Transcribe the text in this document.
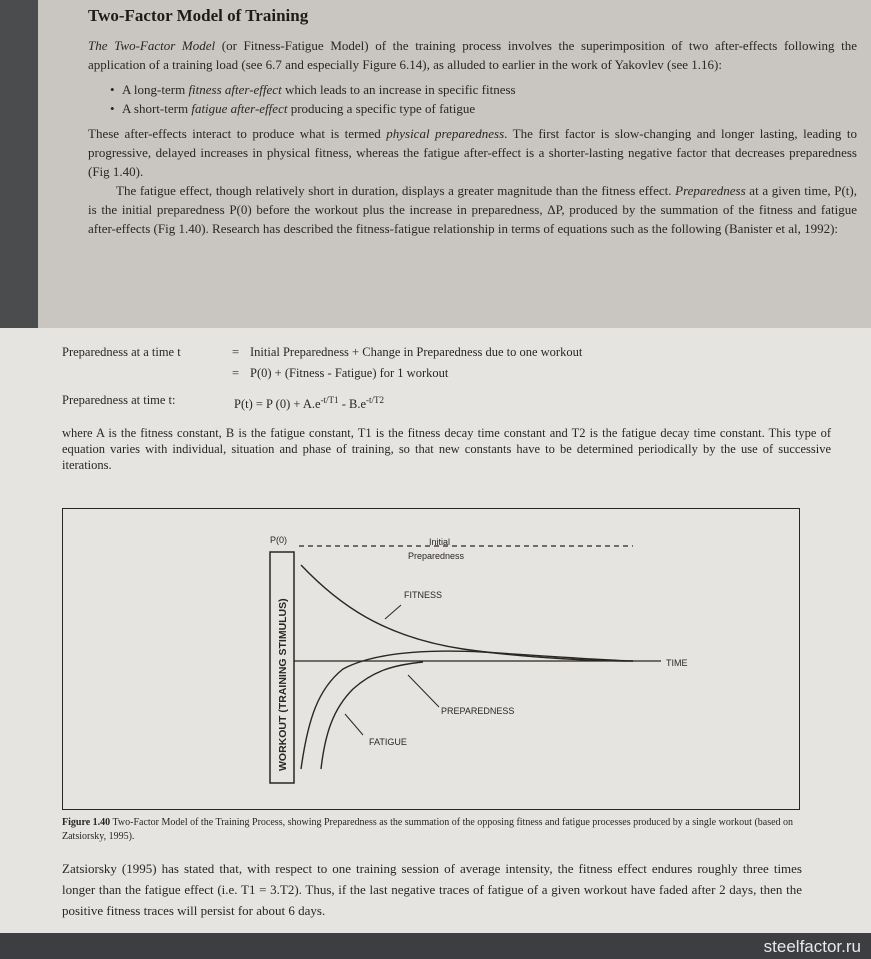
Two-Factor Model of Training

The Two-Factor Model (or Fitness-Fatigue Model) of the training process involves the superimposition of two after-effects following the application of a training load (see 6.7 and especially Figure 6.14), as alluded to earlier in the work of Yakovlev (see 1.16):

• A long-term fitness after-effect which leads to an increase in specific fitness
• A short-term fatigue after-effect producing a specific type of fatigue

These after-effects interact to produce what is termed physical preparedness. The first factor is slow-changing and longer lasting, leading to progressive, delayed increases in physical fitness, whereas the fatigue after-effect is a shorter-lasting negative factor that decreases preparedness (Fig 1.40).

The fatigue effect, though relatively short in duration, displays a greater magnitude than the fitness effect. Preparedness at a given time, P(t), is the initial preparedness P(0) before the workout plus the increase in preparedness, ΔP, produced by the summation of the fitness and fatigue after-effects (Fig 1.40). Research has described the fitness-fatigue relationship in terms of equations such as the following (Banister et al, 1992):

Preparedness at a time t	= Initial Preparedness + Change in Preparedness due to one workout
= P(0) + (Fitness - Fatigue) for 1 workout
Preparedness at time t:	P(t) = P $(0) + A.e^{-t/T1} - B.e^{-t/T2}$

where A is the fitness constant, B is the fatigue constant, T1 is the fitness decay time constant and T2 is the fatigue decay time constant. This type of equation varies with individual, situation and phase of training, so that new constants have to be determined periodically by the use of successive iterations.

WORKOUT (TRAINING STIMULUS)
P(0)	Initial
Preparedness
TIME
FITNESS
PREPAREDNESS
FATIGUE
Figure 1.40 Two-Factor Model of the Training Process, showing Preparedness as the summation of the opposing fitness and fatigue processes produced by a single workout (based on Zatsiorsky, 1995).

Zatsiorsky (1995) has stated that, with respect to one training session of average intensity, the fitness effect endures roughly three times longer than the fatigue effect (i.e. T1 = 3.T2). Thus, if the last negative traces of fatigue of a given workout have faded after 2 days, then the positive fitness traces will persist for about 6 days.

steelfactor.ru
